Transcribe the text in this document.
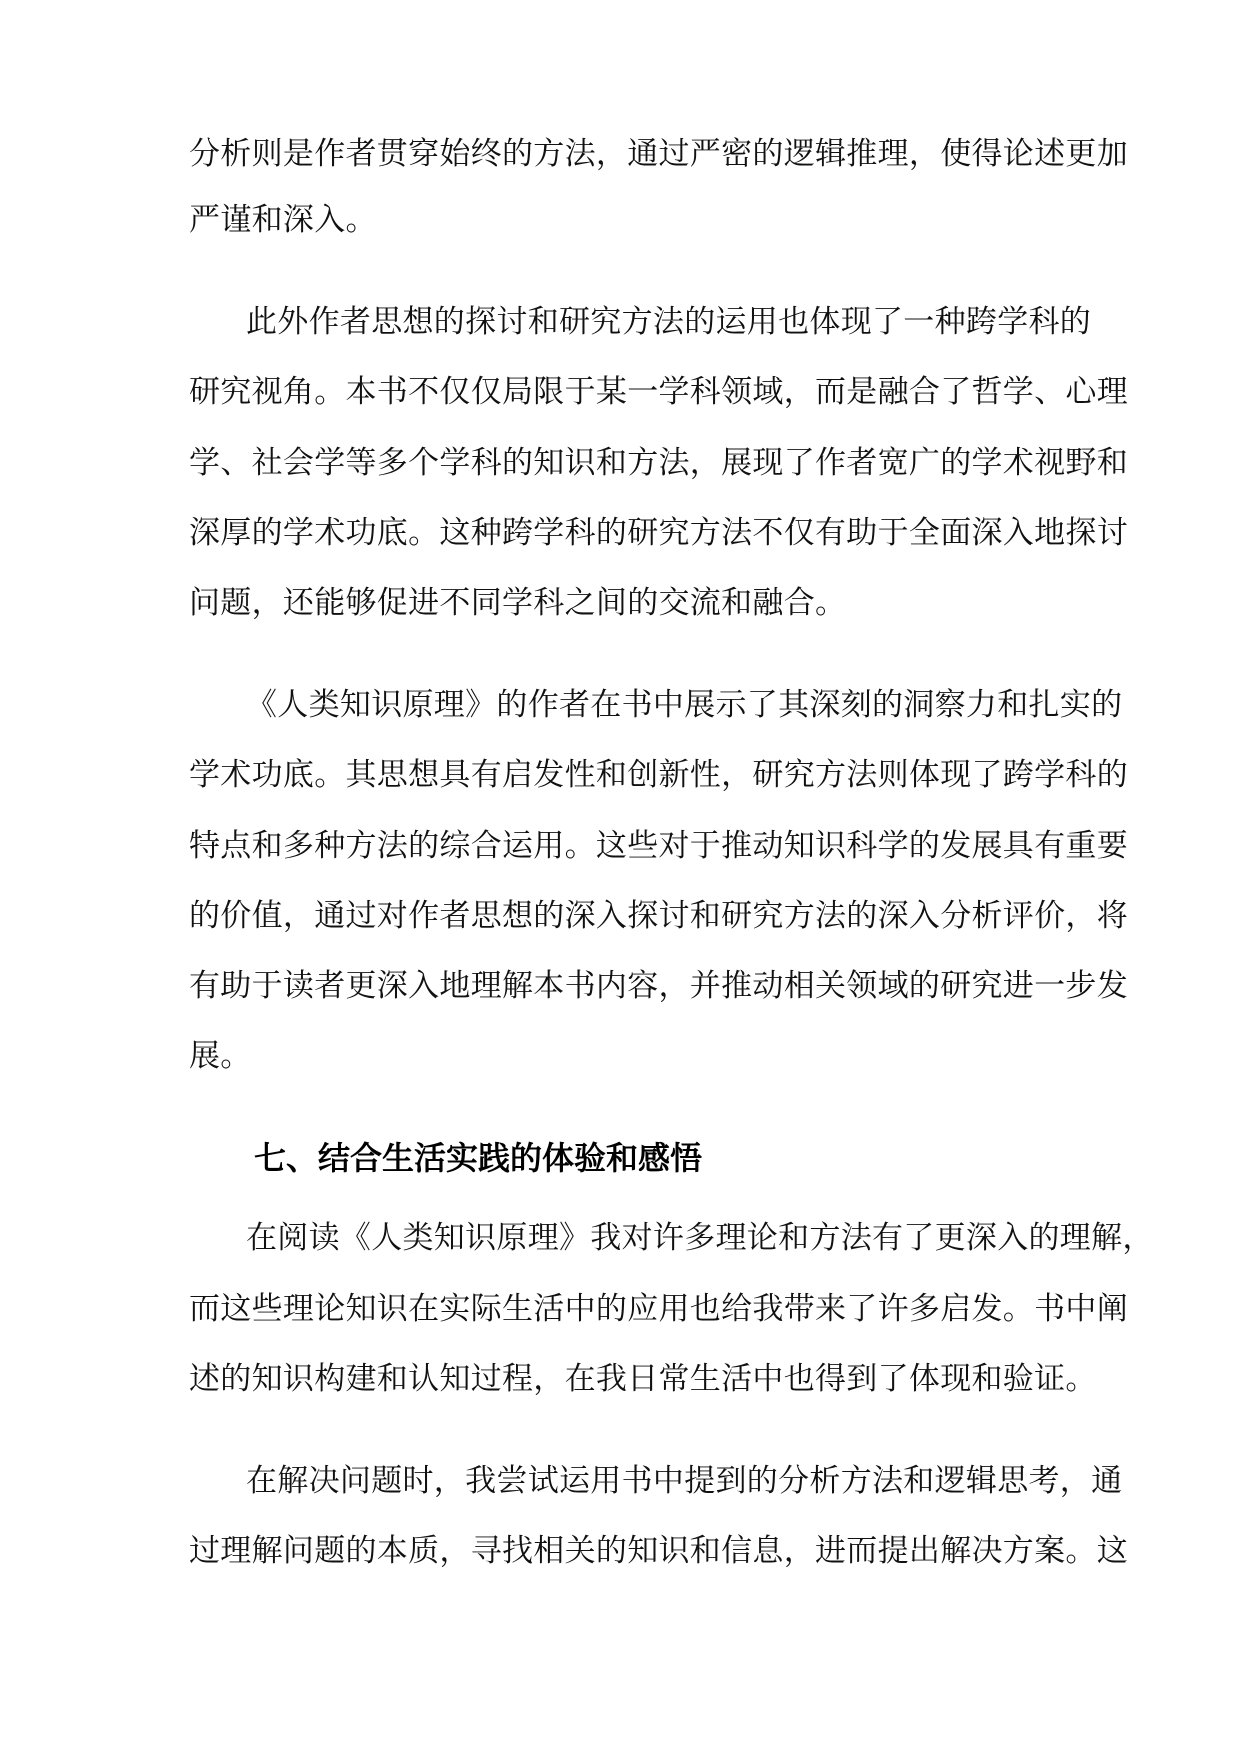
分析则是作者贯穿始终的方法，通过严密的逻辑推理，使得论述更加
严谨和深入。
此外作者思想的探讨和研究方法的运用也体现了一种跨学科的
研究视角。本书不仅仅局限于某一学科领域，而是融合了哲学、心理
学、社会学等多个学科的知识和方法，展现了作者宽广的学术视野和
深厚的学术功底。这种跨学科的研究方法不仅有助于全面深入地探讨
问题，还能够促进不同学科之间的交流和融合。
《人类知识原理》的作者在书中展示了其深刻的洞察力和扎实的
学术功底。其思想具有启发性和创新性，研究方法则体现了跨学科的
特点和多种方法的综合运用。这些对于推动知识科学的发展具有重要
的价值，通过对作者思想的深入探讨和研究方法的深入分析评价，将
有助于读者更深入地理解本书内容，并推动相关领域的研究进一步发
展。
七、结合生活实践的体验和感悟
在阅读《人类知识原理》我对许多理论和方法有了更深入的理解，
而这些理论知识在实际生活中的应用也给我带来了许多启发。书中阐
述的知识构建和认知过程，在我日常生活中也得到了体现和验证。
在解决问题时，我尝试运用书中提到的分析方法和逻辑思考，通
过理解问题的本质，寻找相关的知识和信息，进而提出解决方案。这
